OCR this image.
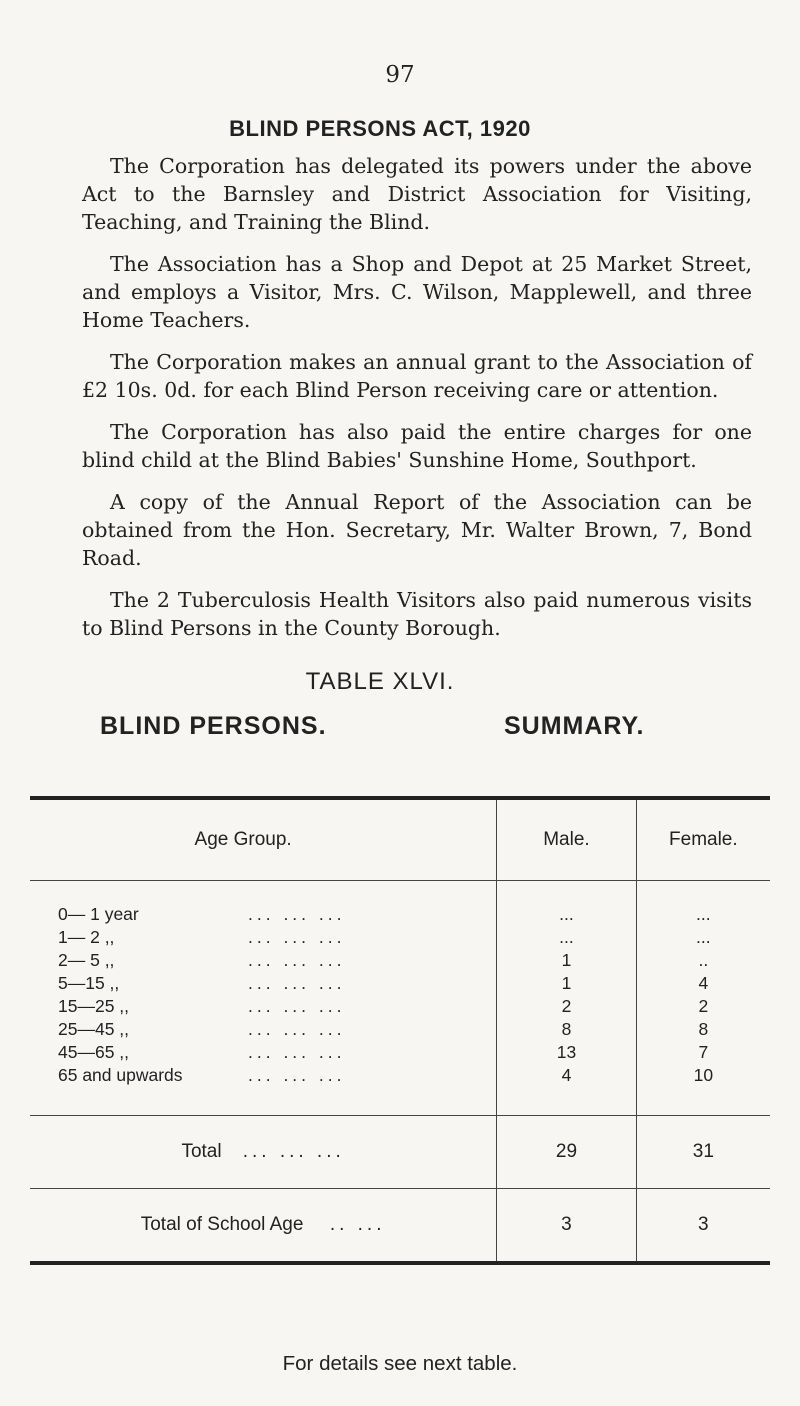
97
BLIND PERSONS ACT, 1920

The Corporation has delegated its powers under the above Act to the Barnsley and District Association for Visiting, Teaching, and Training the Blind.

The Association has a Shop and Depot at 25 Market Street, and employs a Visitor, Mrs. C. Wilson, Mapplewell, and three Home Teachers.

The Corporation makes an annual grant to the Association of £2 10s. 0d. for each Blind Person receiving care or attention.

The Corporation has also paid the entire charges for one blind child at the Blind Babies' Sunshine Home, Southport.

A copy of the Annual Report of the Association can be obtained from the Hon. Secretary, Mr. Walter Brown, 7, Bond Road.

The 2 Tuberculosis Health Visitors also paid numerous visits to Blind Persons in the County Borough.

TABLE XLVI.
BLIND PERSONS.	SUMMARY.
Age Group.	Male.	Female.

0— 1 year ... ... ...	...	...
1— 2 ,, ... ... ...	...	...
2— 5 ,, ... ... ...	1	..
5—15 ,, ... ... ...	1	4
15—25 ,, ... ... ...	2	2
25—45 ,, ... ... ...	8	8
45—65 ,, ... ... ...	13	7
65 and upwards ... ... ...	4	10
Total ... ... ...	29	31
Total of School Age .. ...	3	3
For details see next table.
